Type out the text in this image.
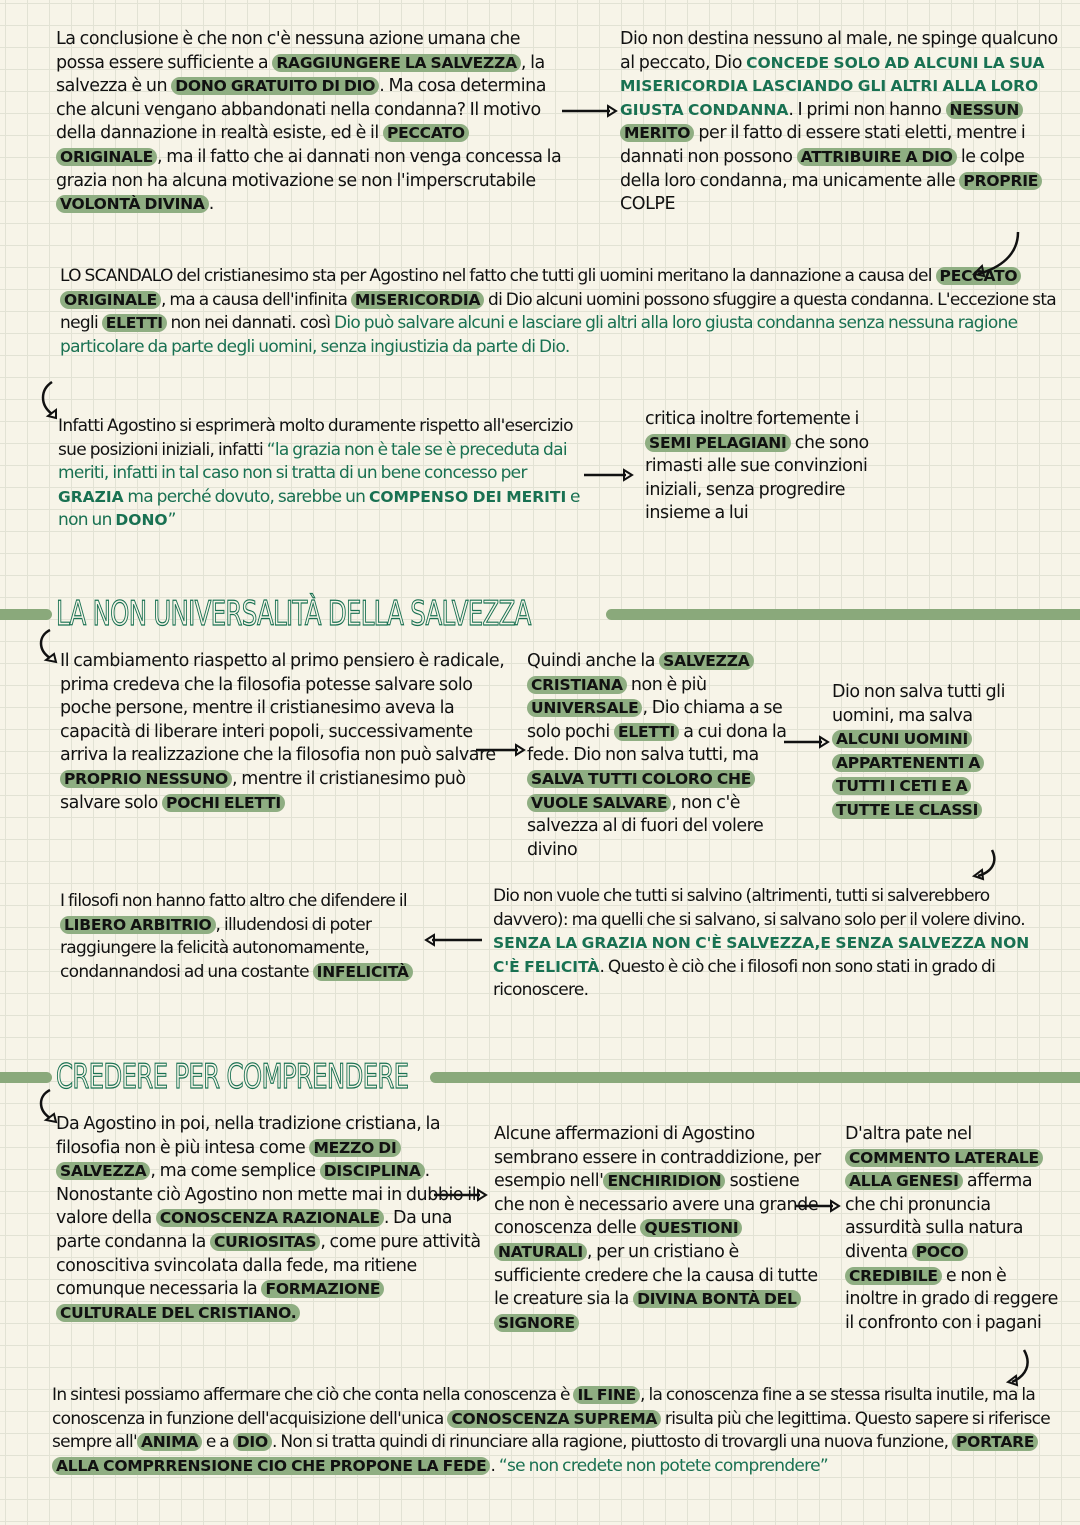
La conclusione è che non c'è nessuna azione umana che possa essere sufficiente a RAGGIUNGERE LA SALVEZZA , la salvezza è un DONO GRATUITO DI DIO . Ma cosa determina che alcuni vengano abbandonati nella condanna? Il motivo della dannazione in realtà esiste, ed è il PECCATO ORIGINALE , ma il fatto che ai dannati non venga concessa la grazia non ha alcuna motivazione se non l'imperscrutabile VOLONTÀ DIVINA .
Dio non destina nessuno al male, ne spinge qualcuno al peccato, Dio CONCEDE SOLO AD ALCUNI LA SUA MISERICORDIA LASCIANDO GLI ALTRI ALLA LORO GIUSTA CONDANNA. I primi non hanno NESSUN MERITO per il fatto di essere stati eletti, mentre i dannati non possono ATTRIBUIRE A DIO le colpe della loro condanna, ma unicamente alle PROPRIE COLPE
LO SCANDALO del cristianesimo sta per Agostino nel fatto che tutti gli uomini meritano la dannazione a causa del PECCATO ORIGINALE , ma a causa dell'infinita MISERICORDIA di Dio alcuni uomini possono sfuggire a questa condanna. L'eccezione sta negli ELETTI non nei dannati. così Dio può salvare alcuni e lasciare gli altri alla loro giusta condanna senza nessuna ragione particolare da parte degli uomini, senza ingiustizia da parte di Dio.
Infatti Agostino si esprimerà molto duramente rispetto all'esercizio sue posizioni iniziali, infatti “la grazia non è tale se è preceduta dai meriti, infatti in tal caso non si tratta di un bene concesso per GRAZIA ma perché dovuto, sarebbe un COMPENSO DEI MERITI e non un DONO”
critica inoltre fortemente i SEMI PELAGIANI che sono rimasti alle sue convinzioni iniziali, senza progredire insieme a lui
LA NON UNIVERSALITÀ DELLA SALVEZZA
Il cambiamento riaspetto al primo pensiero è radicale, prima credeva che la filosofia potesse salvare solo poche persone, mentre il cristianesimo aveva la capacità di liberare interi popoli, successivamente arriva la realizzazione che la filosofia non può salvare PROPRIO NESSUNO , mentre il cristianesimo può salvare solo POCHI ELETTI
Quindi anche la SALVEZZA CRISTIANA non è più UNIVERSALE , Dio chiama a se solo pochi ELETTI a cui dona la fede. Dio non salva tutti, ma SALVA TUTTI COLORO CHE VUOLE SALVARE , non c'è salvezza al di fuori del volere divino
Dio non salva tutti gli uomini, ma salva ALCUNI UOMINI APPARTENENTI A TUTTI I CETI E A TUTTE LE CLASSI
I filosofi non hanno fatto altro che difendere il LIBERO ARBITRIO , illudendosi di poter raggiungere la felicità autonomamente, condannandosi ad una costante INFELICITÀ
Dio non vuole che tutti si salvino (altrimenti, tutti si salverebbero davvero): ma quelli che si salvano, si salvano solo per il volere divino. SENZA LA GRAZIA NON C'È SALVEZZA,E SENZA SALVEZZA NON C'È FELICITÀ. Questo è ciò che i filosofi non sono stati in grado di riconoscere.
CREDERE PER COMPRENDERE
Da Agostino in poi, nella tradizione cristiana, la filosofia non è più intesa come MEZZO DI SALVEZZA , ma come semplice DISCIPLINA . Nonostante ciò Agostino non mette mai in dubbio il valore della CONOSCENZA RAZIONALE . Da una parte condanna la CURIOSITAS , come pure attività conoscitiva svincolata dalla fede, ma ritiene comunque necessaria la FORMAZIONE CULTURALE DEL CRISTIANO.
Alcune affermazioni di Agostino sembrano essere in contraddizione, per esempio nell' ENCHIRIDION sostiene che non è necessario avere una grande conoscenza delle QUESTIONI NATURALI , per un cristiano è sufficiente credere che la causa di tutte le creature sia la DIVINA BONTÀ DEL SIGNORE
D'altra pate nel COMMENTO LATERALE ALLA GENESI afferma che chi pronuncia assurdità sulla natura diventa POCO CREDIBILE e non è inoltre in grado di reggere il confronto con i pagani
In sintesi possiamo affermare che ciò che conta nella conoscenza è IL FINE , la conoscenza fine a se stessa risulta inutile, ma la conoscenza in funzione dell'acquisizione dell'unica CONOSCENZA SUPREMA risulta più che legittima. Questo sapere si riferisce sempre all' ANIMA e a DIO . Non si tratta quindi di rinunciare alla ragione, piuttosto di trovargli una nuova funzione, PORTARE ALLA COMPRRENSIONE CIO CHE PROPONE LA FEDE . “se non credete non potete comprendere”
